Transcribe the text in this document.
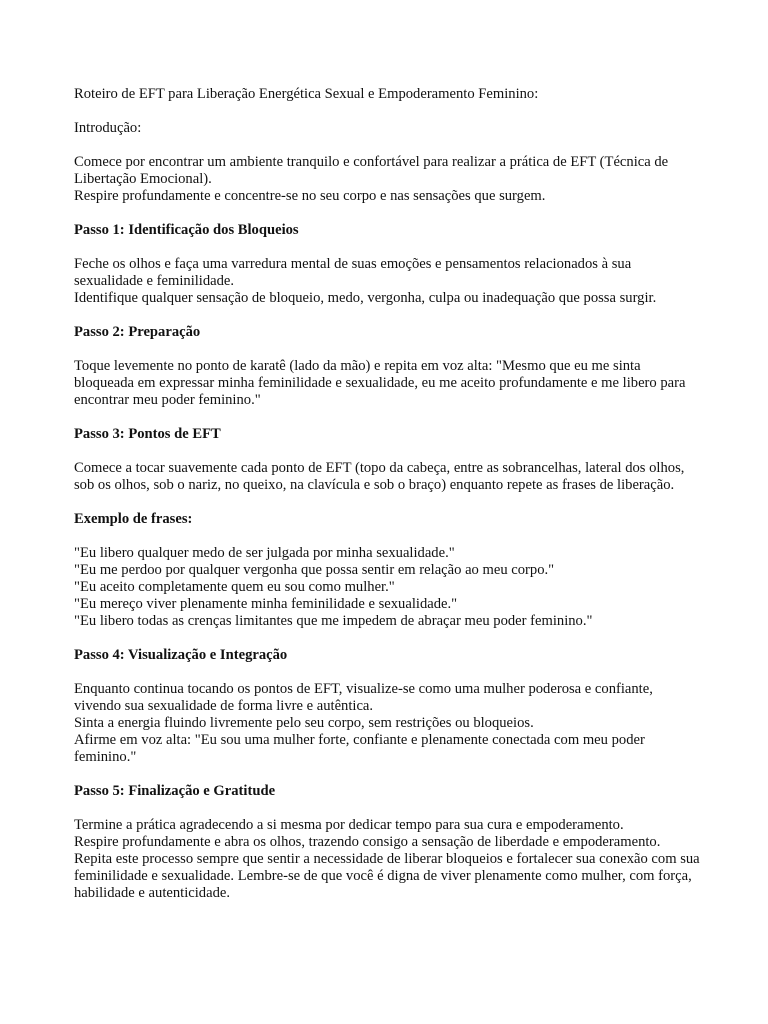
Roteiro de EFT para Liberação Energética Sexual e Empoderamento Feminino:

Introdução:

Comece por encontrar um ambiente tranquilo e confortável para realizar a prática de EFT (Técnica de Libertação Emocional).
Respire profundamente e concentre-se no seu corpo e nas sensações que surgem.

Passo 1: Identificação dos Bloqueios

Feche os olhos e faça uma varredura mental de suas emoções e pensamentos relacionados à sua sexualidade e feminilidade.
Identifique qualquer sensação de bloqueio, medo, vergonha, culpa ou inadequação que possa surgir.

Passo 2: Preparação

Toque levemente no ponto de karatê (lado da mão) e repita em voz alta: "Mesmo que eu me sinta bloqueada em expressar minha feminilidade e sexualidade, eu me aceito profundamente e me libero para encontrar meu poder feminino."

Passo 3: Pontos de EFT

Comece a tocar suavemente cada ponto de EFT (topo da cabeça, entre as sobrancelhas, lateral dos olhos, sob os olhos, sob o nariz, no queixo, na clavícula e sob o braço) enquanto repete as frases de liberação.

Exemplo de frases:

"Eu libero qualquer medo de ser julgada por minha sexualidade."
"Eu me perdoo por qualquer vergonha que possa sentir em relação ao meu corpo."
"Eu aceito completamente quem eu sou como mulher."
"Eu mereço viver plenamente minha feminilidade e sexualidade."
"Eu libero todas as crenças limitantes que me impedem de abraçar meu poder feminino."

Passo 4: Visualização e Integração

Enquanto continua tocando os pontos de EFT, visualize-se como uma mulher poderosa e confiante, vivendo sua sexualidade de forma livre e autêntica.
Sinta a energia fluindo livremente pelo seu corpo, sem restrições ou bloqueios.
Afirme em voz alta: "Eu sou uma mulher forte, confiante e plenamente conectada com meu poder feminino."

Passo 5: Finalização e Gratitude

Termine a prática agradecendo a si mesma por dedicar tempo para sua cura e empoderamento.
Respire profundamente e abra os olhos, trazendo consigo a sensação de liberdade e empoderamento.
Repita este processo sempre que sentir a necessidade de liberar bloqueios e fortalecer sua conexão com sua feminilidade e sexualidade. Lembre-se de que você é digna de viver plenamente como mulher, com força, habilidade e autenticidade.
